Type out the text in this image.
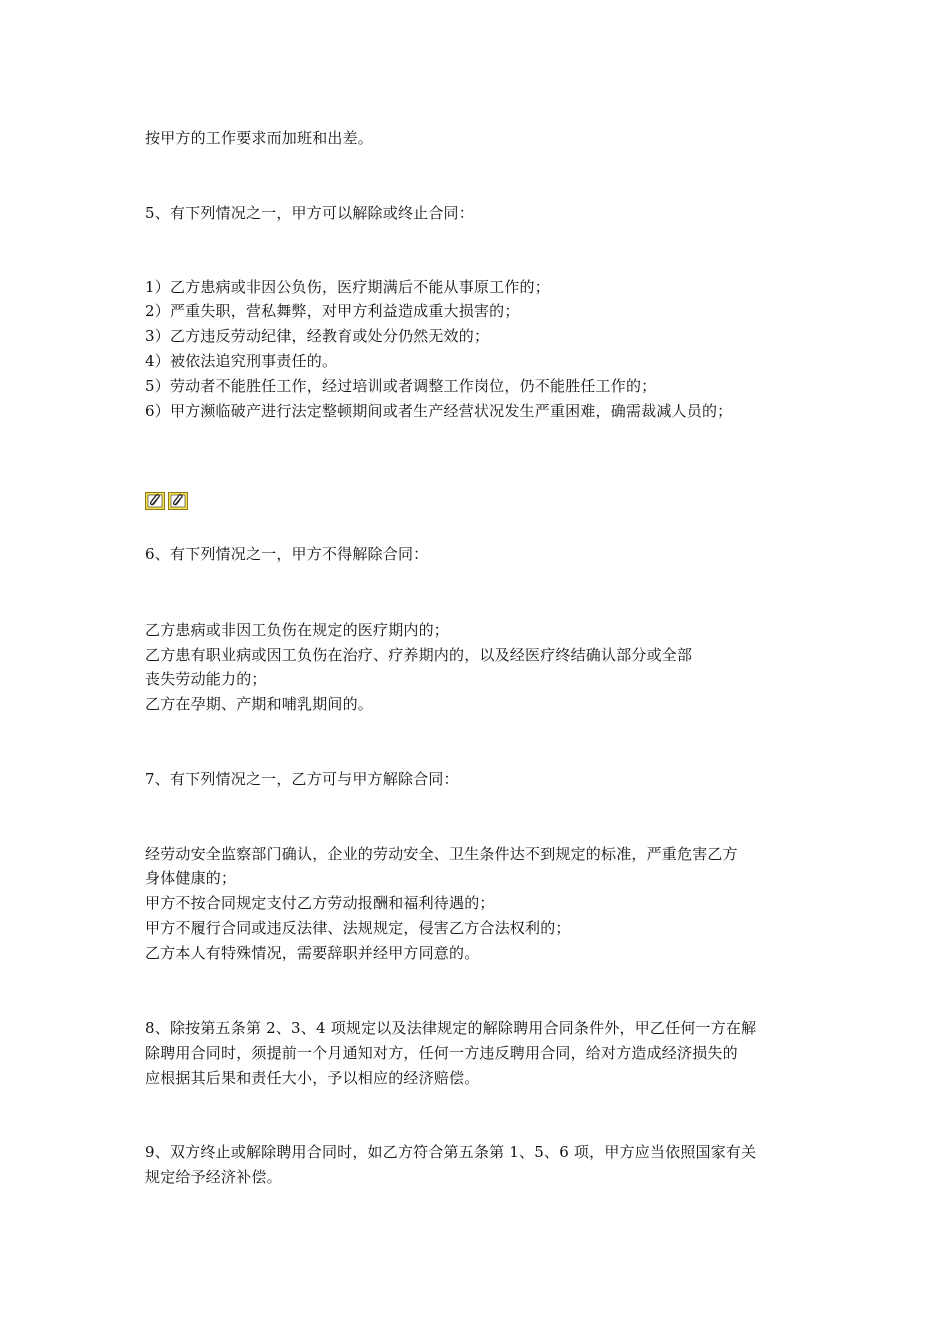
按甲方的工作要求而加班和出差。
5、有下列情况之一，甲方可以解除或终止合同：
1）乙方患病或非因公负伤，医疗期满后不能从事原工作的；
2）严重失职，营私舞弊，对甲方利益造成重大损害的；
3）乙方违反劳动纪律，经教育或处分仍然无效的；
4）被依法追究刑事责任的。
5）劳动者不能胜任工作，经过培训或者调整工作岗位，仍不能胜任工作的；
6）甲方濒临破产进行法定整顿期间或者生产经营状况发生严重困难，确需裁减人员的；
6、有下列情况之一，甲方不得解除合同：
乙方患病或非因工负伤在规定的医疗期内的；
乙方患有职业病或因工负伤在治疗、疗养期内的，以及经医疗终结确认部分或全部
丧失劳动能力的；
乙方在孕期、产期和哺乳期间的。
7、有下列情况之一，乙方可与甲方解除合同：
经劳动安全监察部门确认，企业的劳动安全、卫生条件达不到规定的标准，严重危害乙方
身体健康的；
甲方不按合同规定支付乙方劳动报酬和福利待遇的；
甲方不履行合同或违反法律、法规规定，侵害乙方合法权利的；
乙方本人有特殊情况，需要辞职并经甲方同意的。
8、除按第五条第 2、3、4 项规定以及法律规定的解除聘用合同条件外，甲乙任何一方在解
除聘用合同时，须提前一个月通知对方，任何一方违反聘用合同，给对方造成经济损失的
应根据其后果和责任大小，予以相应的经济赔偿。
9、双方终止或解除聘用合同时，如乙方符合第五条第 1、5、6 项，甲方应当依照国家有关
规定给予经济补偿。
